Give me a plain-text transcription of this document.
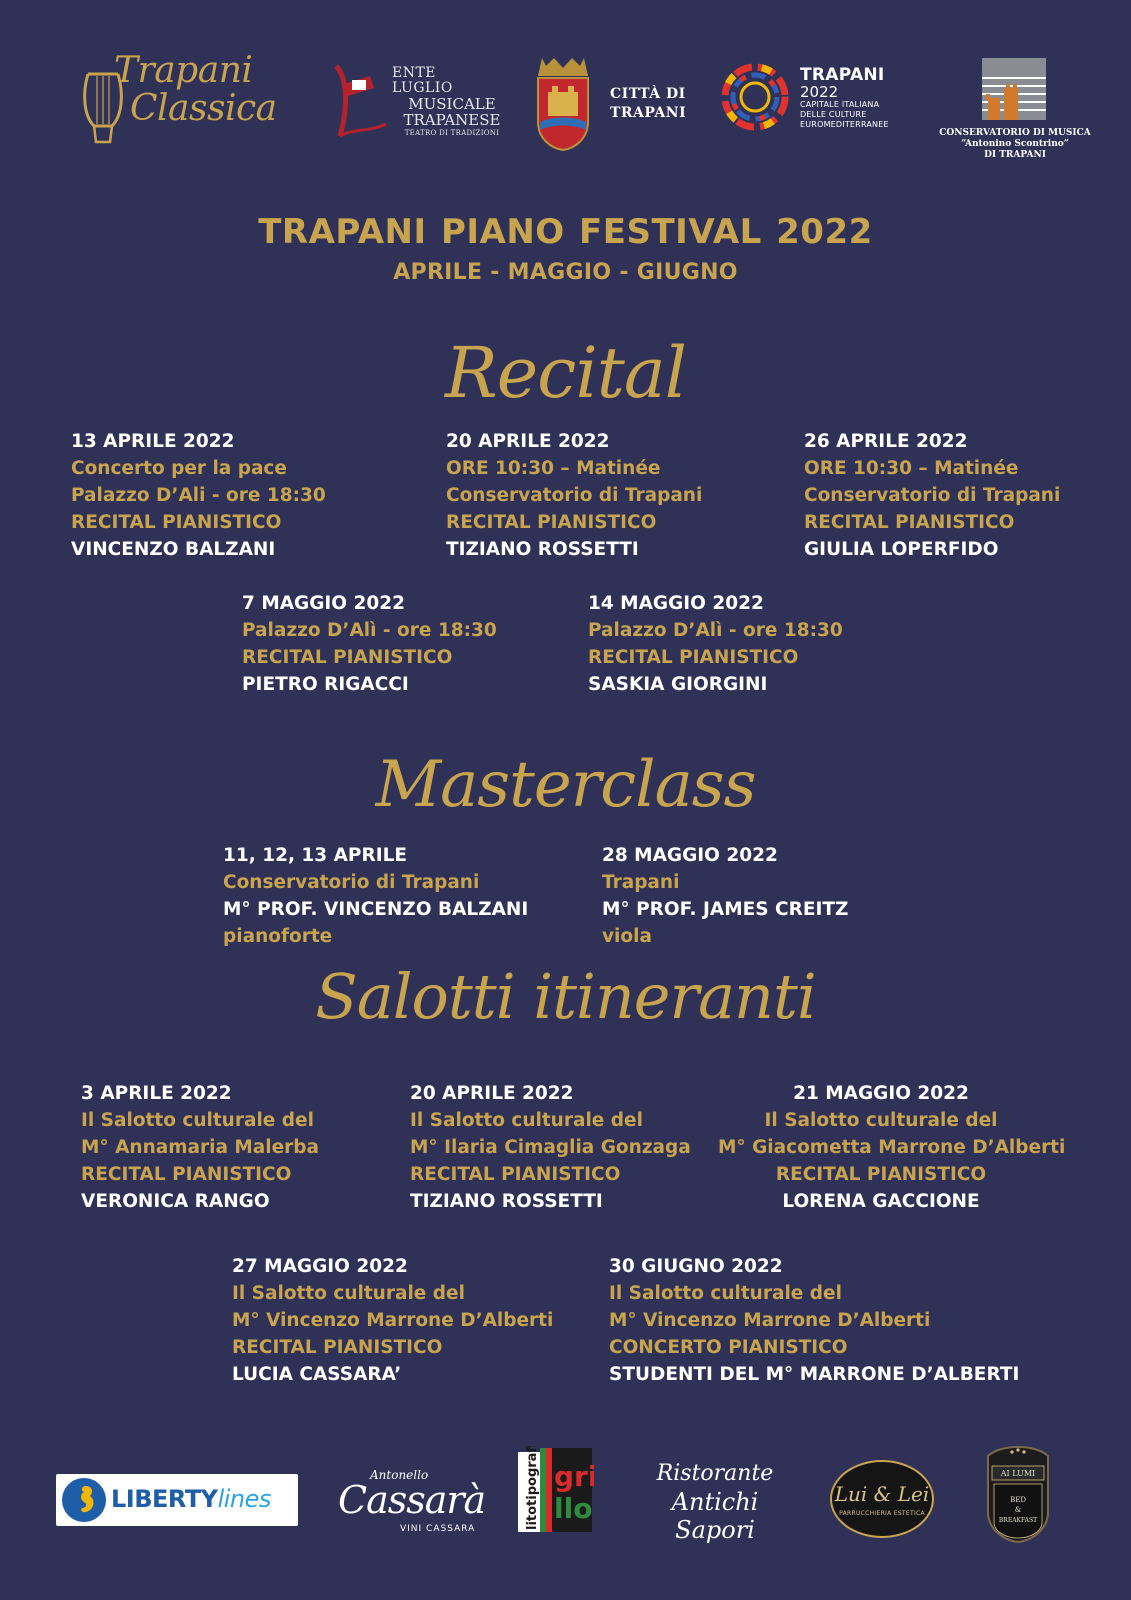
Trapani
Classica
ENTE
LUGLIO
MUSICALE
TRAPANESE
TEATRO DI TRADIZIONI
CITTÀ DI
TRAPANI
TRAPANI
2022
CAPITALE ITALIANA
DELLE CULTURE
EUROMEDITERRANEE
CONSERVATORIO DI MUSICA
“Antonino Scontrino”
DI TRAPANI
TRAPANI PIANO FESTIVAL 2022
APRILE - MAGGIO - GIUGNO
Recital
13 APRILE 2022
Concerto per la pace
Palazzo D’Ali - ore 18:30
RECITAL PIANISTICO
VINCENZO BALZANI
20 APRILE 2022
ORE 10:30 – Matinée
Conservatorio di Trapani
RECITAL PIANISTICO
TIZIANO ROSSETTI
26 APRILE 2022
ORE 10:30 – Matinée
Conservatorio di Trapani
RECITAL PIANISTICO
GIULIA LOPERFIDO
7 MAGGIO 2022
Palazzo D’Alì - ore 18:30
RECITAL PIANISTICO
PIETRO RIGACCI
14 MAGGIO 2022
Palazzo D’Alì - ore 18:30
RECITAL PIANISTICO
SASKIA GIORGINI
Masterclass
11, 12, 13 APRILE
Conservatorio di Trapani
M° PROF. VINCENZO BALZANI
pianoforte
28 MAGGIO 2022
Trapani
M° PROF. JAMES CREITZ
viola
Salotti itineranti
3 APRILE 2022
Il Salotto culturale del
M° Annamaria Malerba
RECITAL PIANISTICO
VERONICA RANGO
20 APRILE 2022
Il Salotto culturale del
M° Ilaria Cimaglia Gonzaga
RECITAL PIANISTICO
TIZIANO ROSSETTI
21 MAGGIO 2022
Il Salotto culturale del
M° Giacometta Marrone D’Alberti
RECITAL PIANISTICO
LORENA GACCIONE
27 MAGGIO 2022
Il Salotto culturale del
M° Vincenzo Marrone D’Alberti
RECITAL PIANISTICO
LUCIA CASSARA’
30 GIUGNO 2022
Il Salotto culturale del
M° Vincenzo Marrone D’Alberti
CONCERTO PIANISTICO
STUDENTI DEL M° MARRONE D’ALBERTI
LIBERTYlines
Antonello
Cassarà
VINI CASSARA	litotipografia gri
llo
Ristorante
Antichi Sapori
Lui & Lei
PARRUCCHIERIA ESTETICA
AI LUMI
BED
&
BREAKFAST
